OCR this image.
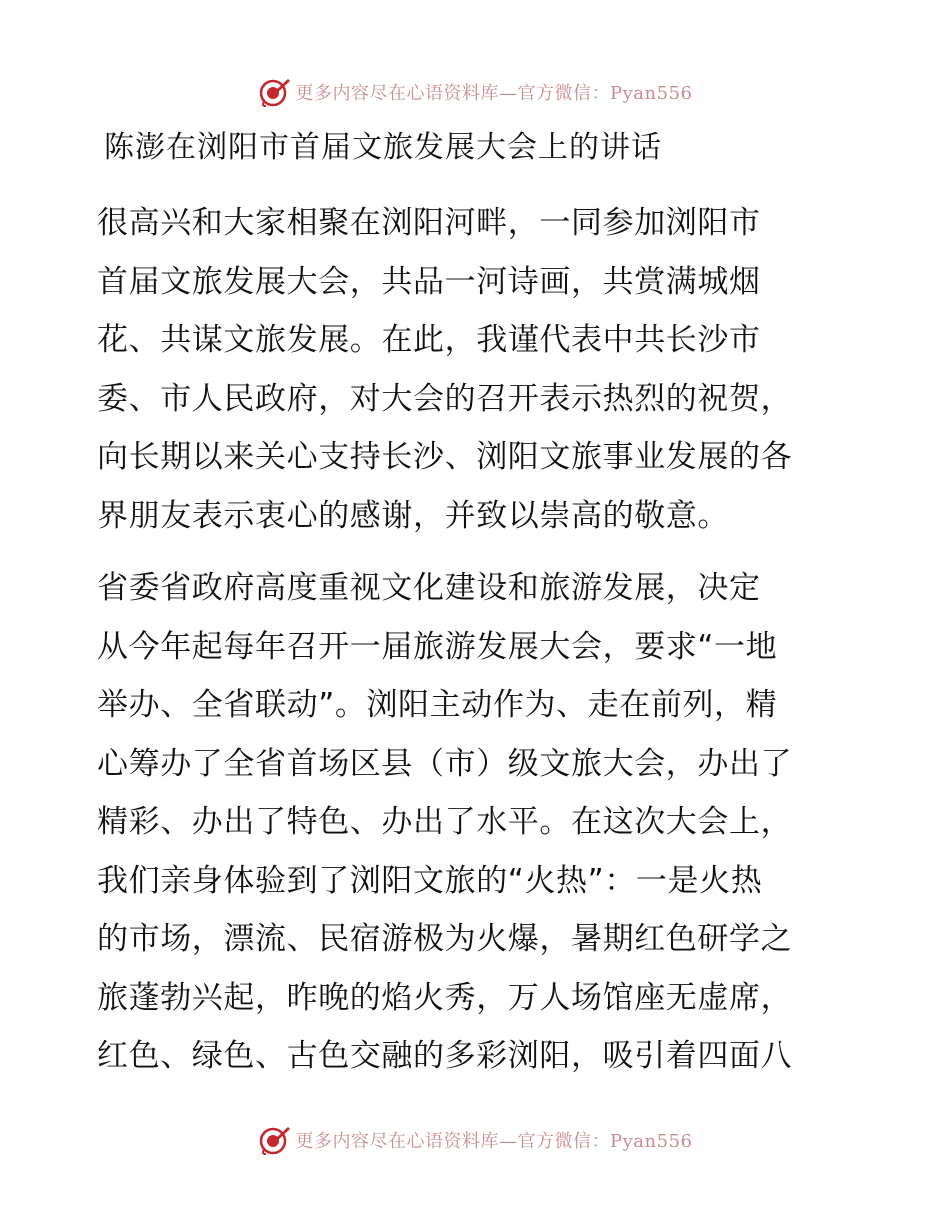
更多内容尽在心语资料库—官方微信：Pyan556
陈澎在浏阳市首届文旅发展大会上的讲话
很高兴和大家相聚在浏阳河畔，一同参加浏阳市
首届文旅发展大会，共品一河诗画，共赏满城烟
花、共谋文旅发展。在此，我谨代表中共长沙市
委、市人民政府，对大会的召开表示热烈的祝贺，
向长期以来关心支持长沙、浏阳文旅事业发展的各
界朋友表示衷心的感谢，并致以崇高的敬意。
省委省政府高度重视文化建设和旅游发展，决定
从今年起每年召开一届旅游发展大会，要求“一地
举办、全省联动”。浏阳主动作为、走在前列，精
心筹办了全省首场区县（市）级文旅大会，办出了
精彩、办出了特色、办出了水平。在这次大会上，
我们亲身体验到了浏阳文旅的“火热”：一是火热
的市场，漂流、民宿游极为火爆，暑期红色研学之
旅蓬勃兴起，昨晚的焰火秀，万人场馆座无虚席，
红色、绿色、古色交融的多彩浏阳，吸引着四面八
更多内容尽在心语资料库—官方微信：Pyan556
